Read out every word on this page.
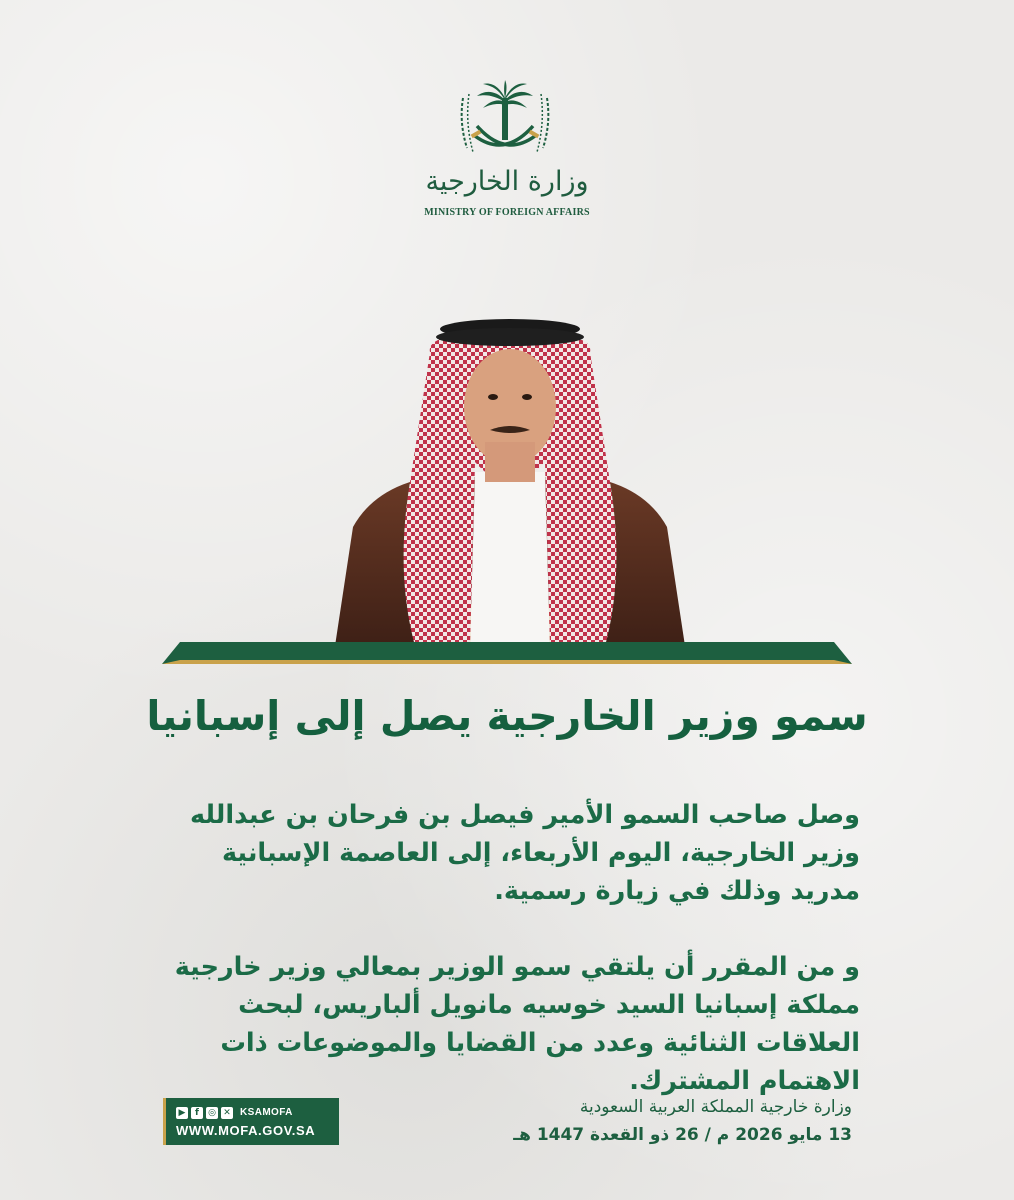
وزارة الخارجية
MINISTRY OF FOREIGN AFFAIRS
سمو وزير الخارجية يصل إلى إسبانيا
وصل صاحب السمو الأمير فيصل بن فرحان بن عبدالله وزير الخارجية، اليوم الأربعاء، إلى العاصمة الإسبانية مدريد وذلك في زيارة رسمية.
و من المقرر أن يلتقي سمو الوزير بمعالي وزير خارجية مملكة إسبانيا السيد خوسيه مانويل ألباريس، لبحث العلاقات الثنائية وعدد من القضايا والموضوعات ذات الاهتمام المشترك.
▶	f	◎ ✕ KSAMOFA
WWW.MOFA.GOV.SA
وزارة خارجية المملكة العربية السعودية
13 مايو 2026 م / 26 ذو القعدة 1447 هـ
